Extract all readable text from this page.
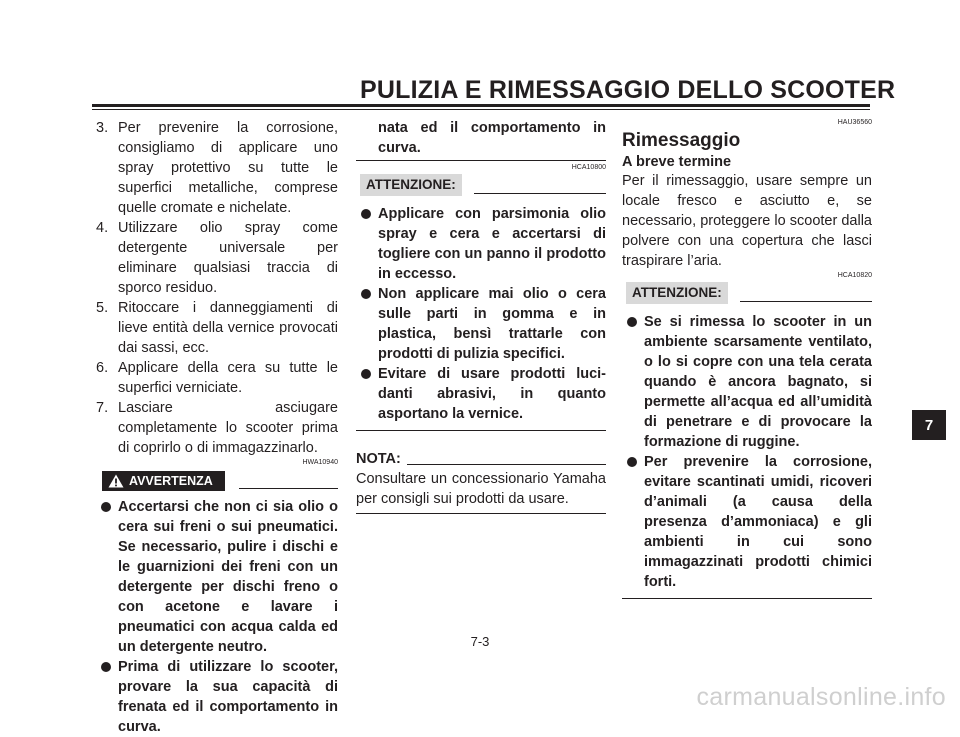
PULIZIA E RIMESSAGGIO DELLO SCOOTER
3. Per prevenire la corrosione, consigliamo di applicare uno spray protettivo su tutte le superfici metalliche, comprese quelle cromate e nichelate.
4. Utilizzare olio spray come detergente universale per eliminare qualsiasi traccia di sporco residuo.
5. Ritoccare i danneggiamenti di lieve entità della vernice provocati dai sassi, ecc.
6. Applicare della cera su tutte le superfici verniciate.
7. Lasciare asciugare completamente lo scooter prima di coprirlo o di immagazzinarlo.
HWA10940
AVVERTENZA
Accertarsi che non ci sia olio o cera sui freni o sui pneumatici. Se necessario, pulire i dischi e le guarnizioni dei freni con un detergente per dischi freno o con acetone e lavare i pneumatici con acqua calda ed un detergente neutro.
Prima di utilizzare lo scooter, provare la sua capacità di frenata ed il comportamento in curva.
nata ed il comportamento in curva.
HCA10800
ATTENZIONE:
Applicare con parsimonia olio spray e cera e accertarsi di togliere con un panno il prodotto in eccesso.
Non applicare mai olio o cera sulle parti in gomma e in plastica, bensì trattarle con prodotti di pulizia specifici.
Evitare di usare prodotti luci-danti abrasivi, in quanto asportano la vernice.
NOTA:

Consultare un concessionario Yamaha per consigli sui prodotti da usare.

HAU36560
Rimessaggio
A breve termine

Per il rimessaggio, usare sempre un locale fresco e asciutto e, se necessario, proteggere lo scooter dalla polvere con una copertura che lasci traspirare l’aria.

HCA10820
ATTENZIONE:
Se si rimessa lo scooter in un ambiente scarsamente ventilato, o lo si copre con una tela cerata quando è ancora bagnato, si permette all’acqua ed all’umidità di penetrare e di provocare la formazione di ruggine.
Per prevenire la corrosione, evitare scantinati umidi, ricoveri d’animali (a causa della presenza d’ammoniaca) e gli ambienti in cui sono immagazzinati prodotti chimici forti.
7
7-3
carmanualsonline.info
